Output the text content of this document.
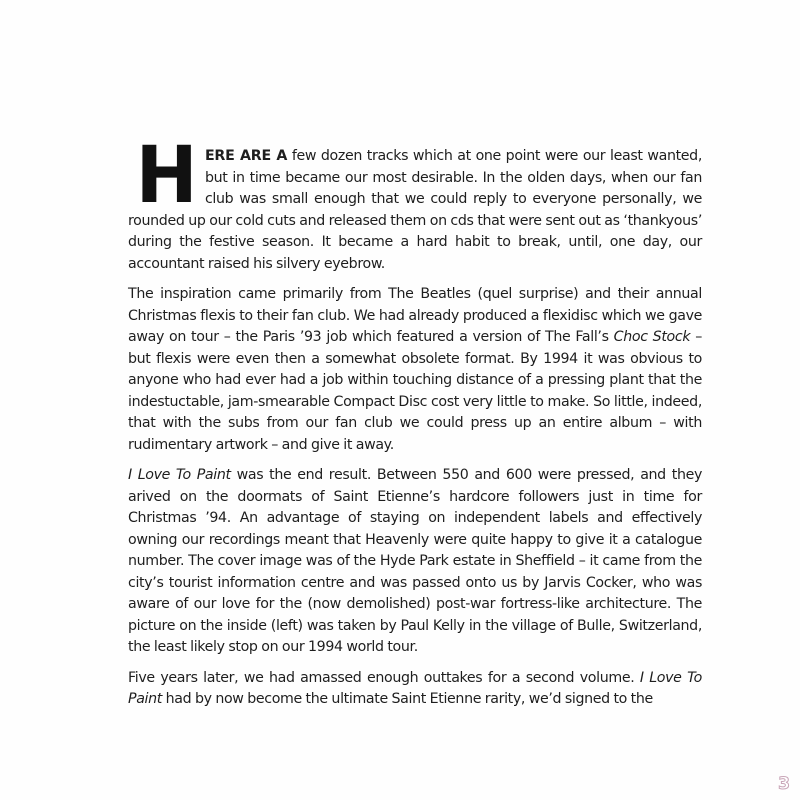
HERE ARE A few dozen tracks which at one point were our least wanted, but in time became our most desirable. In the olden days, when our fan club was small enough that we could reply to everyone personally, we rounded up our cold cuts and released them on cds that were sent out as ‘thankyous’ during the festive season. It became a hard habit to break, until, one day, our accountant raised his silvery eyebrow.

The inspiration came primarily from The Beatles (quel surprise) and their annual Christmas flexis to their fan club. We had already produced a flexidisc which we gave away on tour – the Paris ’93 job which featured a version of The Fall’s Choc Stock – but flexis were even then a somewhat obsolete format. By 1994 it was obvious to anyone who had ever had a job within touching distance of a pressing plant that the indestuctable, jam-smearable Compact Disc cost very little to make. So little, indeed, that with the subs from our fan club we could press up an entire album – with rudimentary artwork – and give it away.

I Love To Paint was the end result. Between 550 and 600 were pressed, and they arived on the doormats of Saint Etienne’s hardcore followers just in time for Christmas ’94. An advantage of staying on independent labels and effectively owning our recordings meant that Heavenly were quite happy to give it a catalogue number. The cover image was of the Hyde Park estate in Sheffield – it came from the city’s tourist information centre and was passed onto us by Jarvis Cocker, who was aware of our love for the (now demolished) post-war fortress-like architecture. The picture on the inside (left) was taken by Paul Kelly in the village of Bulle, Switzerland, the least likely stop on our 1994 world tour.

Five years later, we had amassed enough outtakes for a second volume. I Love To Paint had by now become the ultimate Saint Etienne rarity, we’d signed to the

3
